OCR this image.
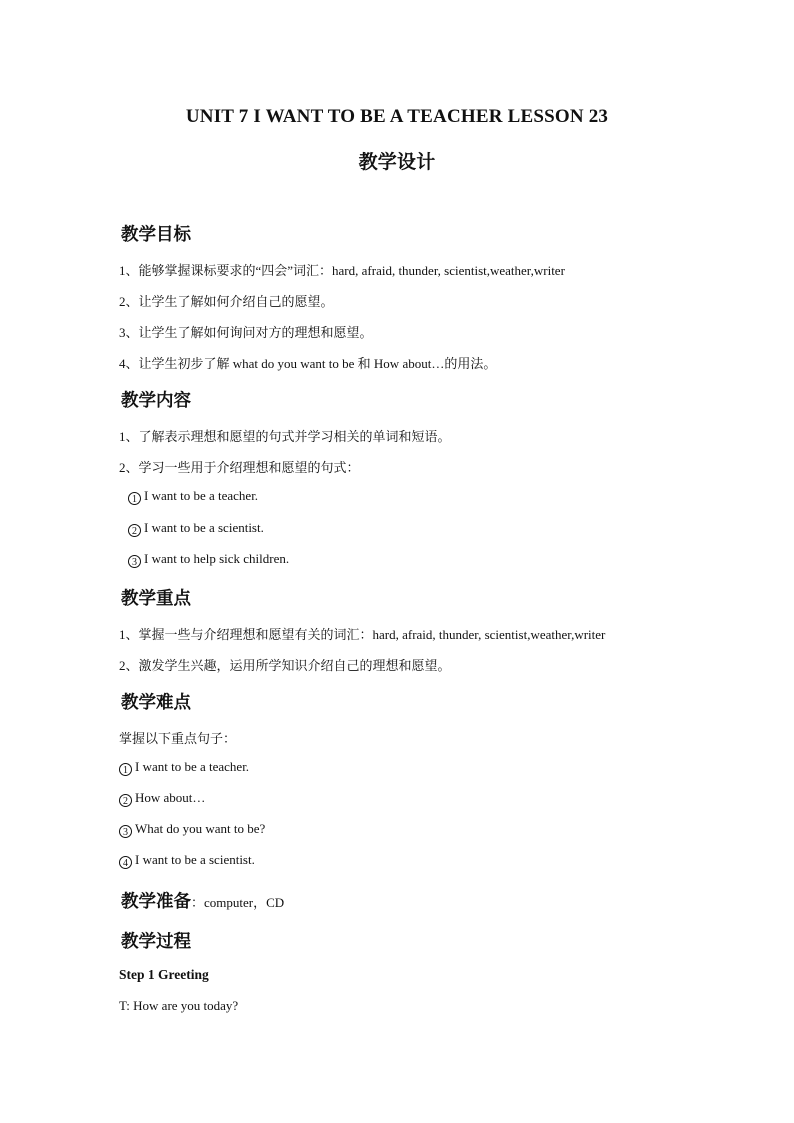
UNIT 7 I WANT TO BE A TEACHER LESSON 23
教学设计
教学目标
1、能够掌握课标要求的“四会”词汇：hard, afraid, thunder, scientist,weather,writer
2、让学生了解如何介绍自己的愿望。
3、让学生了解如何询问对方的理想和愿望。
4、让学生初步了解 what do you want to be 和 How about…的用法。
教学内容
1、了解表示理想和愿望的句式并学习相关的单词和短语。
2、学习一些用于介绍理想和愿望的句式：
1 I want to be a teacher.
2 I want to be a scientist.
3 I want to help sick children.
教学重点
1、掌握一些与介绍理想和愿望有关的词汇：hard, afraid, thunder, scientist,weather,writer
2、激发学生兴趣，运用所学知识介绍自己的理想和愿望。
教学难点
掌握以下重点句子：
1 I want to be a teacher.
2 How about…
3 What do you want to be?
4 I want to be a scientist.
教学准备：computer，CD
教学过程
Step 1 Greeting
T: How are you today?
